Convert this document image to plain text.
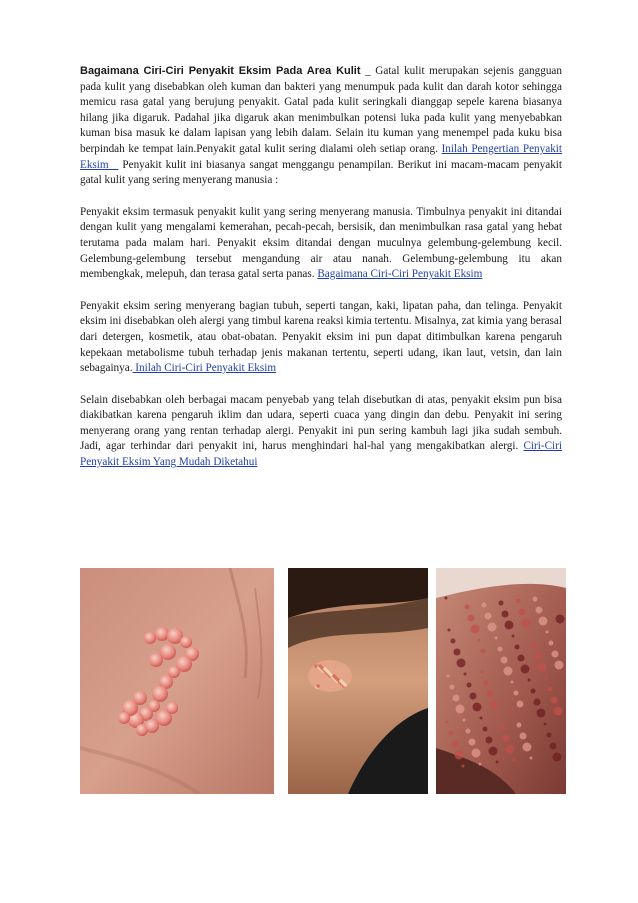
Bagaimana Ciri-Ciri Penyakit Eksim Pada Area Kulit _ Gatal kulit merupakan sejenis gangguan pada kulit yang disebabkan oleh kuman dan bakteri yang menumpuk pada kulit dan darah kotor sehingga memicu rasa gatal yang berujung penyakit. Gatal pada kulit seringkali dianggap sepele karena biasanya hilang jika digaruk. Padahal jika digaruk akan menimbulkan potensi luka pada kulit yang menyebabkan kuman bisa masuk ke dalam lapisan yang lebih dalam. Selain itu kuman yang menempel pada kuku bisa berpindah ke tempat lain.Penyakit gatal kulit sering dialami oleh setiap orang. Inilah Pengertian Penyakit Eksim _ Penyakit kulit ini biasanya sangat menggangu penampilan. Berikut ini macam-macam penyakit gatal kulit yang sering menyerang manusia :

Penyakit eksim termasuk penyakit kulit yang sering menyerang manusia. Timbulnya penyakit ini ditandai dengan kulit yang mengalami kemerahan, pecah-pecah, bersisik, dan menimbulkan rasa gatal yang hebat terutama pada malam hari. Penyakit eksim ditandai dengan muculnya gelembung-gelembung kecil. Gelembung-gelembung tersebut mengandung air atau nanah. Gelembung-gelembung itu akan membengkak, melepuh, dan terasa gatal serta panas. Bagaimana Ciri-Ciri Penyakit Eksim

Penyakit eksim sering menyerang bagian tubuh, seperti tangan, kaki, lipatan paha, dan telinga. Penyakit eksim ini disebabkan oleh alergi yang timbul karena reaksi kimia tertentu. Misalnya, zat kimia yang berasal dari detergen, kosmetik, atau obat-obatan. Penyakit eksim ini pun dapat ditimbulkan karena pengaruh kepekaan metabolisme tubuh terhadap jenis makanan tertentu, seperti udang, ikan laut, vetsin, dan lain sebagainya. Inilah Ciri-Ciri Penyakit Eksim

Selain disebabkan oleh berbagai macam penyebab yang telah disebutkan di atas, penyakit eksim pun bisa diakibatkan karena pengaruh iklim dan udara, seperti cuaca yang dingin dan debu. Penyakit ini sering menyerang orang yang rentan terhadap alergi. Penyakit ini pun sering kambuh lagi jika sudah sembuh. Jadi, agar terhindar dari penyakit ini, harus menghindari hal-hal yang mengakibatkan alergi. Ciri-Ciri Penyakit Eksim Yang Mudah Diketahui
